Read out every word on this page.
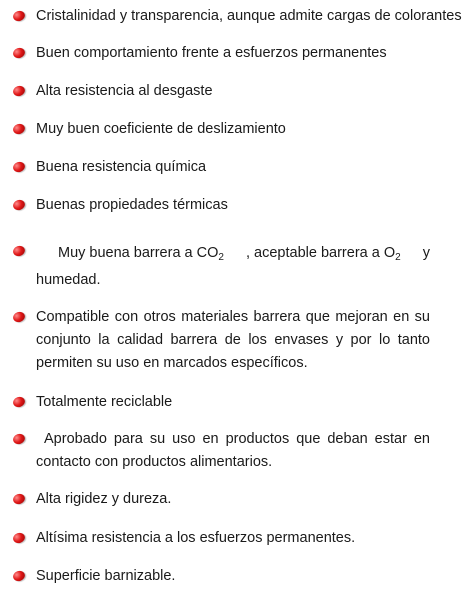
Cristalinidad y transparencia, aunque admite cargas de colorantes
Buen comportamiento frente a esfuerzos permanentes
Alta resistencia al desgaste
Muy buen coeficiente de deslizamiento
Buena resistencia química
Buenas propiedades térmicas
Muy buena barrera a $CO_2$ , aceptable barrera a $O_2$ y
humedad.
Compatible con otros materiales barrera que mejoran en su conjunto la calidad barrera de los envases y por lo tanto permiten su uso en marcados específicos.
Totalmente reciclable
Aprobado para su uso en productos que deban estar en contacto con productos alimentarios.
Alta rigidez y dureza.
Altísima resistencia a los esfuerzos permanentes.
Superficie barnizable.
